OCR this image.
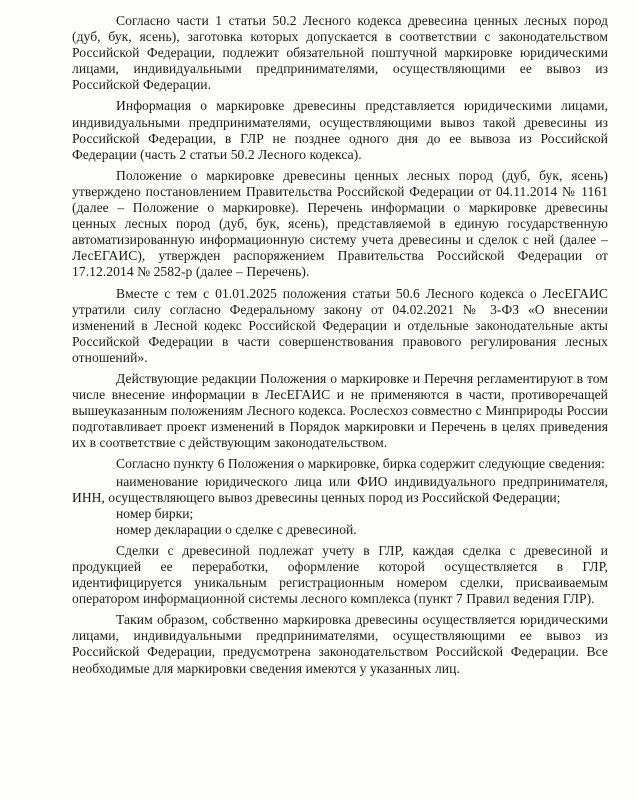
Согласно части 1 статьи 50.2 Лесного кодекса древесина ценных лесных пород (дуб, бук, ясень), заготовка которых допускается в соответствии с законодательством Российской Федерации, подлежит обязательной поштучной маркировке юридическими лицами, индивидуальными предпринимателями, осуществляющими ее вывоз из Российской Федерации.

Информация о маркировке древесины представляется юридическими лицами, индивидуальными предпринимателями, осуществляющими вывоз такой древесины из Российской Федерации, в ГЛР не позднее одного дня до ее вывоза из Российской Федерации (часть 2 статьи 50.2 Лесного кодекса).

Положение о маркировке древесины ценных лесных пород (дуб, бук, ясень) утверждено постановлением Правительства Российской Федерации от 04.11.2014 № 1161 (далее – Положение о маркировке). Перечень информации о маркировке древесины ценных лесных пород (дуб, бук, ясень), представляемой в единую государственную автоматизированную информационную систему учета древесины и сделок с ней (далее – ЛесЕГАИС), утвержден распоряжением Правительства Российской Федерации от 17.12.2014 № 2582-р (далее – Перечень).

Вместе с тем с 01.01.2025 положения статьи 50.6 Лесного кодекса о ЛесЕГАИС утратили силу согласно Федеральному закону от 04.02.2021 № 3-ФЗ «О внесении изменений в Лесной кодекс Российской Федерации и отдельные законодательные акты Российской Федерации в части совершенствования правового регулирования лесных отношений».

Действующие редакции Положения о маркировке и Перечня регламентируют в том числе внесение информации в ЛесЕГАИС и не применяются в части, противоречащей вышеуказанным положениям Лесного кодекса. Рослесхоз совместно с Минприроды России подготавливает проект изменений в Порядок маркировки и Перечень в целях приведения их в соответствие с действующим законодательством.

Согласно пункту 6 Положения о маркировке, бирка содержит следующие сведения:

наименование юридического лица или ФИО индивидуального предпринимателя, ИНН, осуществляющего вывоз древесины ценных пород из Российской Федерации;

номер бирки;

номер декларации о сделке с древесиной.

Сделки с древесиной подлежат учету в ГЛР, каждая сделка с древесиной и продукцией ее переработки, оформление которой осуществляется в ГЛР, идентифицируется уникальным регистрационным номером сделки, присваиваемым оператором информационной системы лесного комплекса (пункт 7 Правил ведения ГЛР).

Таким образом, собственно маркировка древесины осуществляется юридическими лицами, индивидуальными предпринимателями, осуществляющими ее вывоз из Российской Федерации, предусмотрена законодательством Российской Федерации. Все необходимые для маркировки сведения имеются у указанных лиц.
